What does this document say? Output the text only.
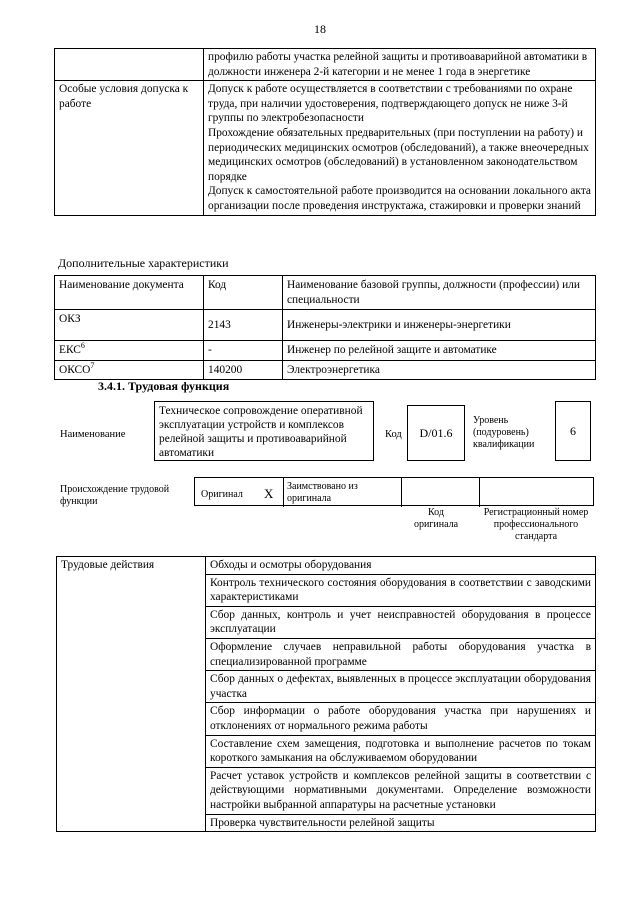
18
	профилю работы участка релейной защиты и противоаварийной автоматики в должности инженера 2-й категории и не менее 1 года в энергетике
Особые условия допуска к работе	Допуск к работе осуществляется в соответствии с требованиями по охране труда, при наличии удостоверения, подтверждающего допуск не ниже 3-й группы по электробезопасности
Прохождение обязательных предварительных (при поступлении на работу) и периодических медицинских осмотров (обследований), а также внеочередных медицинских осмотров (обследований) в установленном законодательством порядке
Допуск к самостоятельной работе производится на основании локального акта организации после проведения инструктажа, стажировки и проверки знаний
Дополнительные характеристики
Наименование документа	Код	Наименование базовой группы, должности (профессии) или специальности
ОКЗ	2143	Инженеры-электрики и инженеры-энергетики
ЕКС$^6$	-	Инженер по релейной защите и автоматике
ОКСО$^7$	140200	Электроэнергетика
3.4.1. Трудовая функция
Наименование
Техническое сопровождение оперативной эксплуатации устройств и комплексов релейной защиты и противоаварийной автоматики
Код	D/01.6
Уровень (подуровень) квалификации
6
Происхождение трудовой функции
Оригинал X Заимствовано из оригинала
Код оригинала
Регистрационный номер профессионального стандарта
Трудовые действия	Обходы и осмотры оборудования
Контроль технического состояния оборудования в соответствии с заводскими характеристиками
Сбор данных, контроль и учет неисправностей оборудования в процессе эксплуатации
Оформление случаев неправильной работы оборудования участка в специализированной программе
Сбор данных о дефектах, выявленных в процессе эксплуатации оборудования участка
Сбор информации о работе оборудования участка при нарушениях и отклонениях от нормального режима работы
Составление схем замещения, подготовка и выполнение расчетов по токам короткого замыкания на обслуживаемом оборудовании
Расчет уставок устройств и комплексов релейной защиты в соответствии с действующими нормативными документами. Определение возможности настройки выбранной аппаратуры на расчетные установки
Проверка чувствительности релейной защиты
